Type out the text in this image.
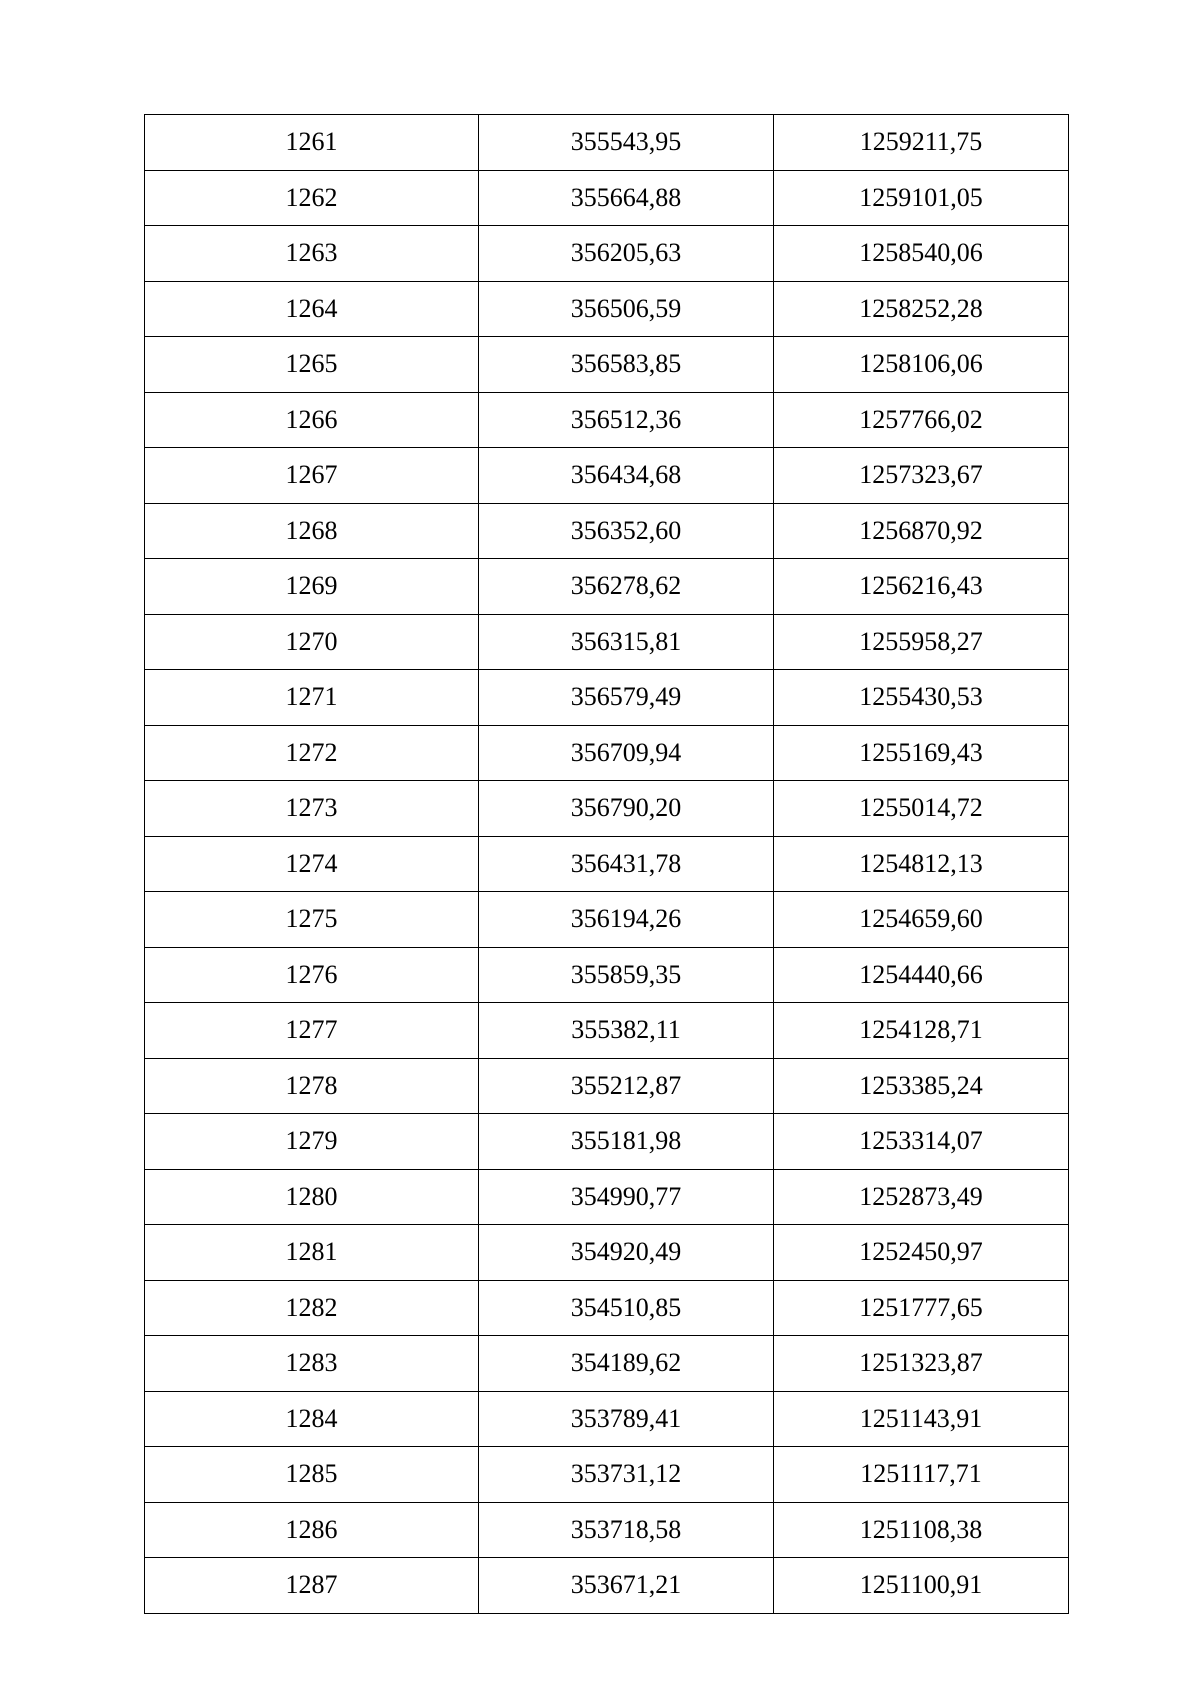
1261	355543,95	1259211,75
1262	355664,88	1259101,05
1263	356205,63	1258540,06
1264	356506,59	1258252,28
1265	356583,85	1258106,06
1266	356512,36	1257766,02
1267	356434,68	1257323,67
1268	356352,60	1256870,92
1269	356278,62	1256216,43
1270	356315,81	1255958,27
1271	356579,49	1255430,53
1272	356709,94	1255169,43
1273	356790,20	1255014,72
1274	356431,78	1254812,13
1275	356194,26	1254659,60
1276	355859,35	1254440,66
1277	355382,11	1254128,71
1278	355212,87	1253385,24
1279	355181,98	1253314,07
1280	354990,77	1252873,49
1281	354920,49	1252450,97
1282	354510,85	1251777,65
1283	354189,62	1251323,87
1284	353789,41	1251143,91
1285	353731,12	1251117,71
1286	353718,58	1251108,38
1287	353671,21	1251100,91
